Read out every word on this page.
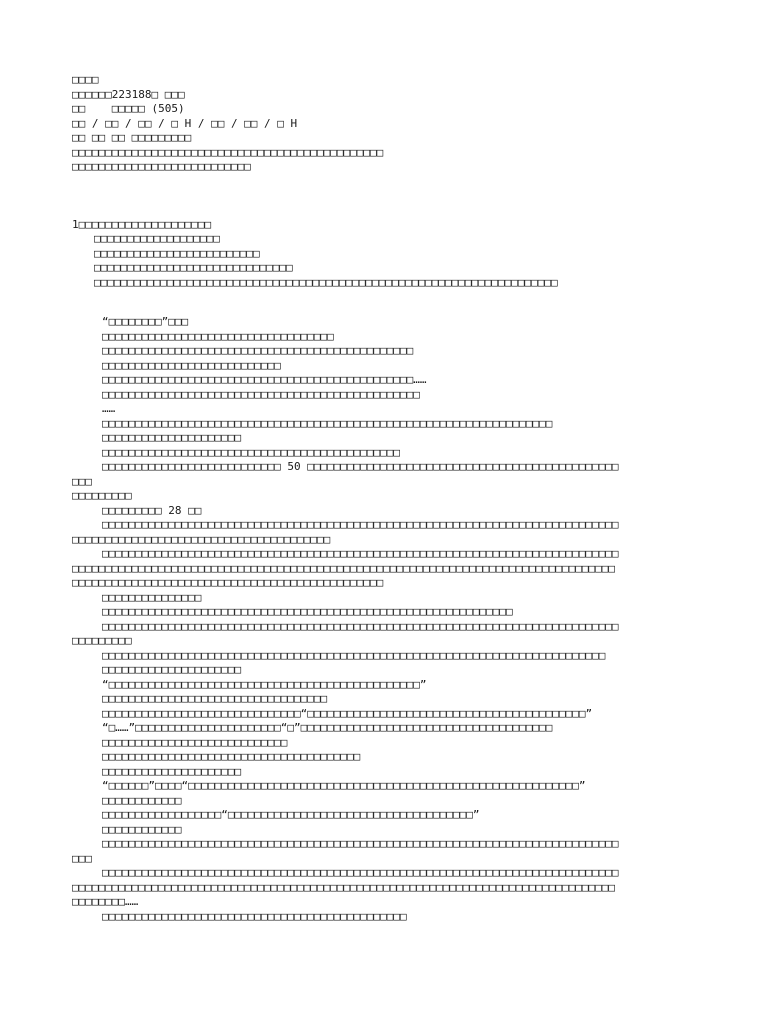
□□□□
□□□□□□223188□ □□□
□□    □□□□□ (505)
□□ / □□ / □□ / □ H / □□ / □□ / □ H
□□ □□ □□ □□□□□□□□□
□□□□□□□□□□□□□□□□□□□□□□□□□□□□□□□□□□□□□□□□□□□□□□□
□□□□□□□□□□□□□□□□□□□□□□□□□□□
1□□□□□□□□□□□□□□□□□□□□
□□□□□□□□□□□□□□□□□□□
□□□□□□□□□□□□□□□□□□□□□□□□□
□□□□□□□□□□□□□□□□□□□□□□□□□□□□□□
□□□□□□□□□□□□□□□□□□□□□□□□□□□□□□□□□□□□□□□□□□□□□□□□□□□□□□□□□□□□□□□□□□□□□□
“□□□□□□□□”□□□
□□□□□□□□□□□□□□□□□□□□□□□□□□□□□□□□□□□
□□□□□□□□□□□□□□□□□□□□□□□□□□□□□□□□□□□□□□□□□□□□□□□
□□□□□□□□□□□□□□□□□□□□□□□□□□□
□□□□□□□□□□□□□□□□□□□□□□□□□□□□□□□□□□□□□□□□□□□□□□□……
□□□□□□□□□□□□□□□□□□□□□□□□□□□□□□□□□□□□□□□□□□□□□□□□
……
□□□□□□□□□□□□□□□□□□□□□□□□□□□□□□□□□□□□□□□□□□□□□□□□□□□□□□□□□□□□□□□□□□□□
□□□□□□□□□□□□□□□□□□□□□
□□□□□□□□□□□□□□□□□□□□□□□□□□□□□□□□□□□□□□□□□□□□□
□□□□□□□□□□□□□□□□□□□□□□□□□□□ 50 □□□□□□□□□□□□□□□□□□□□□□□□□□□□□□□□□□□□□□□□□□□□□□□
□□□
□□□□□□□□□
□□□□□□□□□ 28 □□
□□□□□□□□□□□□□□□□□□□□□□□□□□□□□□□□□□□□□□□□□□□□□□□□□□□□□□□□□□□□□□□□□□□□□□□□□□□□□□
□□□□□□□□□□□□□□□□□□□□□□□□□□□□□□□□□□□□□□□
□□□□□□□□□□□□□□□□□□□□□□□□□□□□□□□□□□□□□□□□□□□□□□□□□□□□□□□□□□□□□□□□□□□□□□□□□□□□□□
□□□□□□□□□□□□□□□□□□□□□□□□□□□□□□□□□□□□□□□□□□□□□□□□□□□□□□□□□□□□□□□□□□□□□□□□□□□□□□□□□□
□□□□□□□□□□□□□□□□□□□□□□□□□□□□□□□□□□□□□□□□□□□□□□□
□□□□□□□□□□□□□□□
□□□□□□□□□□□□□□□□□□□□□□□□□□□□□□□□□□□□□□□□□□□□□□□□□□□□□□□□□□□□□□
□□□□□□□□□□□□□□□□□□□□□□□□□□□□□□□□□□□□□□□□□□□□□□□□□□□□□□□□□□□□□□□□□□□□□□□□□□□□□□
□□□□□□□□□
□□□□□□□□□□□□□□□□□□□□□□□□□□□□□□□□□□□□□□□□□□□□□□□□□□□□□□□□□□□□□□□□□□□□□□□□□□□□
□□□□□□□□□□□□□□□□□□□□□
“□□□□□□□□□□□□□□□□□□□□□□□□□□□□□□□□□□□□□□□□□□□□□□□”
□□□□□□□□□□□□□□□□□□□□□□□□□□□□□□□□□□
□□□□□□□□□□□□□□□□□□□□□□□□□□□□□□“□□□□□□□□□□□□□□□□□□□□□□□□□□□□□□□□□□□□□□□□□□”
“□……”□□□□□□□□□□□□□□□□□□□□□□“□”□□□□□□□□□□□□□□□□□□□□□□□□□□□□□□□□□□□□□□
□□□□□□□□□□□□□□□□□□□□□□□□□□□□
□□□□□□□□□□□□□□□□□□□□□□□□□□□□□□□□□□□□□□□
□□□□□□□□□□□□□□□□□□□□□
“□□□□□□”□□□□“□□□□□□□□□□□□□□□□□□□□□□□□□□□□□□□□□□□□□□□□□□□□□□□□□□□□□□□□□□□”
□□□□□□□□□□□□
□□□□□□□□□□□□□□□□□□“□□□□□□□□□□□□□□□□□□□□□□□□□□□□□□□□□□□□□”
□□□□□□□□□□□□
□□□□□□□□□□□□□□□□□□□□□□□□□□□□□□□□□□□□□□□□□□□□□□□□□□□□□□□□□□□□□□□□□□□□□□□□□□□□□□
□□□
□□□□□□□□□□□□□□□□□□□□□□□□□□□□□□□□□□□□□□□□□□□□□□□□□□□□□□□□□□□□□□□□□□□□□□□□□□□□□□
□□□□□□□□□□□□□□□□□□□□□□□□□□□□□□□□□□□□□□□□□□□□□□□□□□□□□□□□□□□□□□□□□□□□□□□□□□□□□□□□□□
□□□□□□□□……
□□□□□□□□□□□□□□□□□□□□□□□□□□□□□□□□□□□□□□□□□□□□□□
